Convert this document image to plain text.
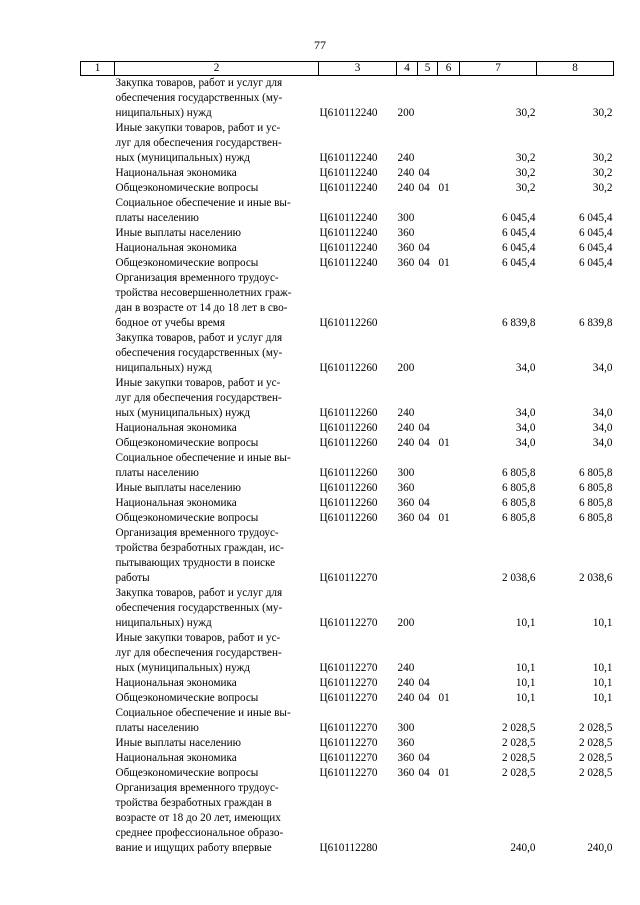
77
1	2	3	4	5	6	7	8
	Закупка товаров, работ и услуг для
обеспечения государственных (му-
ниципальных) нужд	Ц610112240	200			30,2	30,2
	Иные закупки товаров, работ и ус-
луг для обеспечения государствен-
ных (муниципальных) нужд	Ц610112240	240			30,2	30,2
	Национальная экономика	Ц610112240	240	04		30,2	30,2
	Общеэкономические вопросы	Ц610112240	240	04	01	30,2	30,2
	Социальное обеспечение и иные вы-
платы населению	Ц610112240	300			6 045,4	6 045,4
	Иные выплаты населению	Ц610112240	360			6 045,4	6 045,4
	Национальная экономика	Ц610112240	360	04		6 045,4	6 045,4
	Общеэкономические вопросы	Ц610112240	360	04	01	6 045,4	6 045,4
	Организация временного трудоус-
тройства несовершеннолетних граж-
дан в возрасте от 14 до 18 лет в сво-
бодное от учебы время	Ц610112260				6 839,8	6 839,8
	Закупка товаров, работ и услуг для
обеспечения государственных (му-
ниципальных) нужд	Ц610112260	200			34,0	34,0
	Иные закупки товаров, работ и ус-
луг для обеспечения государствен-
ных (муниципальных) нужд	Ц610112260	240			34,0	34,0
	Национальная экономика	Ц610112260	240	04		34,0	34,0
	Общеэкономические вопросы	Ц610112260	240	04	01	34,0	34,0
	Социальное обеспечение и иные вы-
платы населению	Ц610112260	300			6 805,8	6 805,8
	Иные выплаты населению	Ц610112260	360			6 805,8	6 805,8
	Национальная экономика	Ц610112260	360	04		6 805,8	6 805,8
	Общеэкономические вопросы	Ц610112260	360	04	01	6 805,8	6 805,8
	Организация временного трудоус-
тройства безработных граждан, ис-
пытывающих трудности в поиске
работы	Ц610112270				2 038,6	2 038,6
	Закупка товаров, работ и услуг для
обеспечения государственных (му-
ниципальных) нужд	Ц610112270	200			10,1	10,1
	Иные закупки товаров, работ и ус-
луг для обеспечения государствен-
ных (муниципальных) нужд	Ц610112270	240			10,1	10,1
	Национальная экономика	Ц610112270	240	04		10,1	10,1
	Общеэкономические вопросы	Ц610112270	240	04	01	10,1	10,1
	Социальное обеспечение и иные вы-
платы населению	Ц610112270	300			2 028,5	2 028,5
	Иные выплаты населению	Ц610112270	360			2 028,5	2 028,5
	Национальная экономика	Ц610112270	360	04		2 028,5	2 028,5
	Общеэкономические вопросы	Ц610112270	360	04	01	2 028,5	2 028,5
	Организация временного трудоус-
тройства безработных граждан в
возрасте от 18 до 20 лет, имеющих
среднее профессиональное образо-
вание и ищущих работу впервые	Ц610112280				240,0	240,0
